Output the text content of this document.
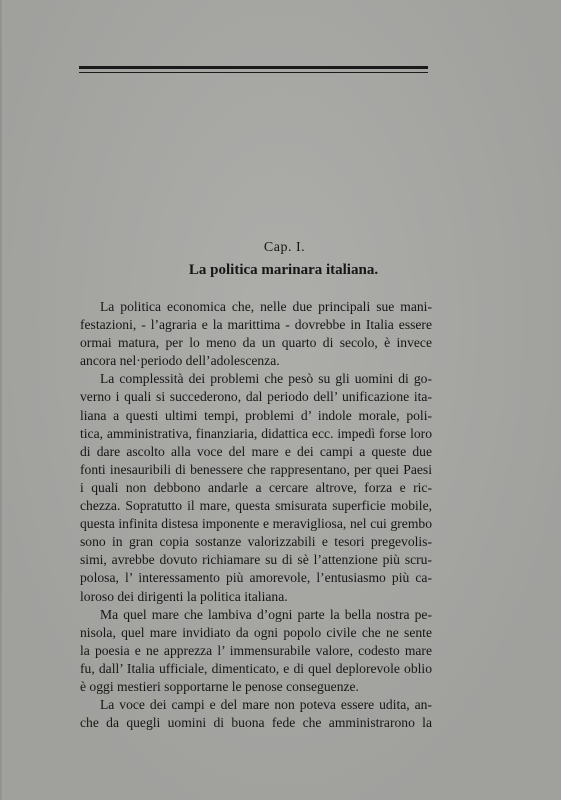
Cap. I.
La politica marinara italiana.
La politica economica che, nelle due principali sue mani-
festazioni, - l’agraria e la marittima - dovrebbe in Italia essere
ormai matura, per lo meno da un quarto di secolo, è invece
ancora nel·periodo dell’adolescenza.
La complessità dei problemi che pesò su gli uomini di go-
verno i quali si succederono, dal periodo dell’ unificazione ita-
liana a questi ultimi tempi, problemi d’ indole morale, poli-
tica, amministrativa, finanziaria, didattica ecc. impedì forse loro
di dare ascolto alla voce del mare e dei campi a queste due
fonti inesauribili di benessere che rappresentano, per quei Paesi
i quali non debbono andarle a cercare altrove, forza e ric-
chezza. Sopratutto il mare, questa smisurata superficie mobile,
questa infinita distesa imponente e meravigliosa, nel cui grembo
sono in gran copia sostanze valorizzabili e tesori pregevolis-
simi, avrebbe dovuto richiamare su di sè l’attenzione più scru-
polosa, l’ interessamento più amorevole, l’entusiasmo più ca-
loroso dei dirigenti la politica italiana.
Ma quel mare che lambiva d’ogni parte la bella nostra pe-
nisola, quel mare invidiato da ogni popolo civile che ne sente
la poesia e ne apprezza l’ immensurabile valore, codesto mare
fu, dall’ Italia ufficiale, dimenticato, e di quel deplorevole oblio
è oggi mestieri sopportarne le penose conseguenze.
La voce dei campi e del mare non poteva essere udita, an-
che da quegli uomini di buona fede che amministrarono la
